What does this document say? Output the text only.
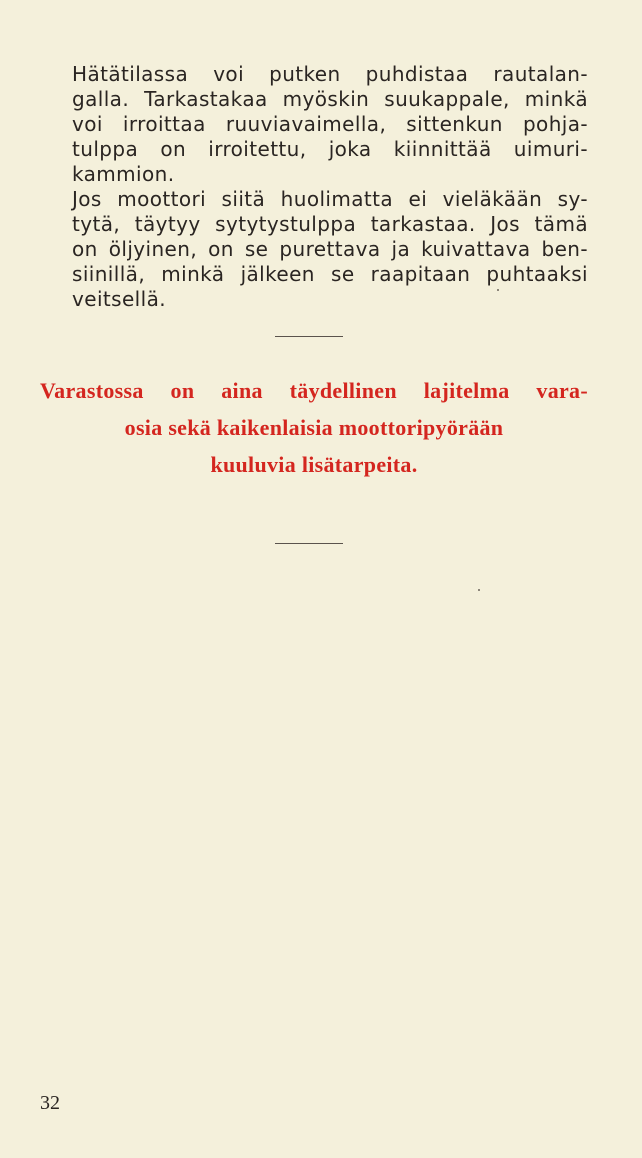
Hätätilassa voi putken puhdistaa rautalan-
galla. Tarkastakaa myöskin suukappale, minkä
voi irroittaa ruuviavaimella, sittenkun pohja-
tulppa on irroitettu, joka kiinnittää uimuri-
kammion.
Jos moottori siitä huolimatta ei vieläkään sy-
tytä, täytyy sytytystulppa tarkastaa. Jos tämä
on öljyinen, on se purettava ja kuivattava ben-
siinillä, minkä jälkeen se raapitaan puhtaaksi
veitsellä.
Varastossa on aina täydellinen lajitelma vara-
osia sekä kaikenlaisia moottoripyörään
kuuluvia lisätarpeita.
32
